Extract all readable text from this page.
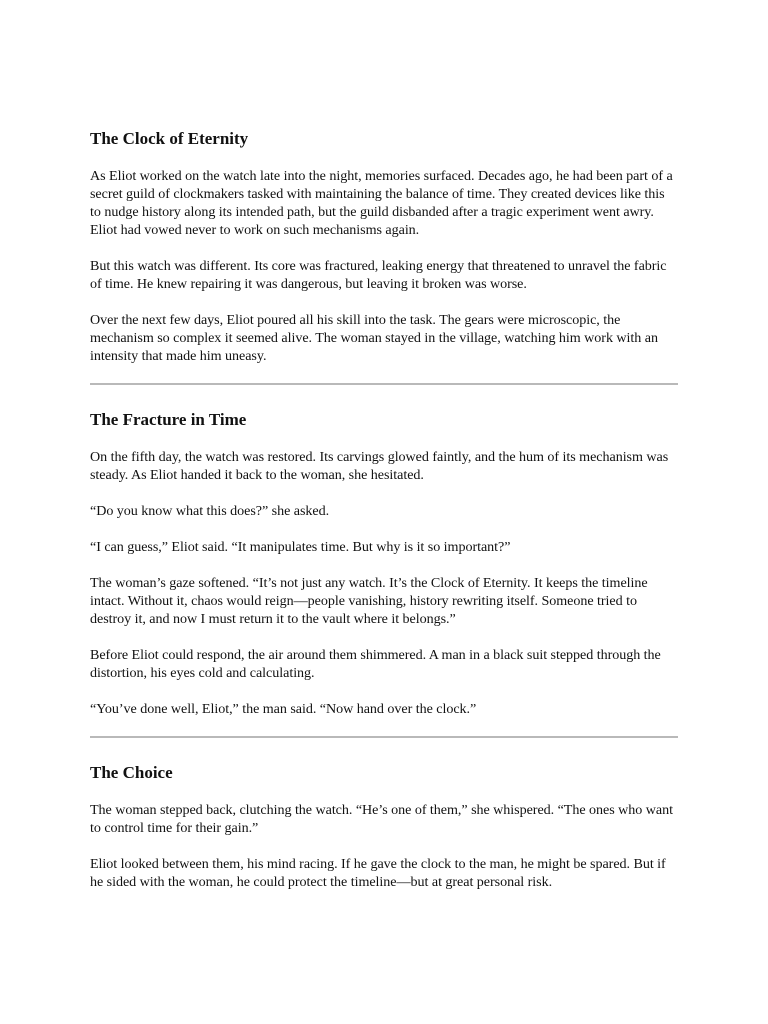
The Clock of Eternity

As Eliot worked on the watch late into the night, memories surfaced. Decades ago, he had been part of a secret guild of clockmakers tasked with maintaining the balance of time. They created devices like this to nudge history along its intended path, but the guild disbanded after a tragic experiment went awry. Eliot had vowed never to work on such mechanisms again.

But this watch was different. Its core was fractured, leaking energy that threatened to unravel the fabric of time. He knew repairing it was dangerous, but leaving it broken was worse.

Over the next few days, Eliot poured all his skill into the task. The gears were microscopic, the mechanism so complex it seemed alive. The woman stayed in the village, watching him work with an intensity that made him uneasy.

The Fracture in Time

On the fifth day, the watch was restored. Its carvings glowed faintly, and the hum of its mechanism was steady. As Eliot handed it back to the woman, she hesitated.

“Do you know what this does?” she asked.

“I can guess,” Eliot said. “It manipulates time. But why is it so important?”

The woman’s gaze softened. “It’s not just any watch. It’s the Clock of Eternity. It keeps the timeline intact. Without it, chaos would reign—people vanishing, history rewriting itself. Someone tried to destroy it, and now I must return it to the vault where it belongs.”

Before Eliot could respond, the air around them shimmered. A man in a black suit stepped through the distortion, his eyes cold and calculating.

“You’ve done well, Eliot,” the man said. “Now hand over the clock.”

The Choice

The woman stepped back, clutching the watch. “He’s one of them,” she whispered. “The ones who want to control time for their gain.”

Eliot looked between them, his mind racing. If he gave the clock to the man, he might be spared. But if he sided with the woman, he could protect the timeline—but at great personal risk.
